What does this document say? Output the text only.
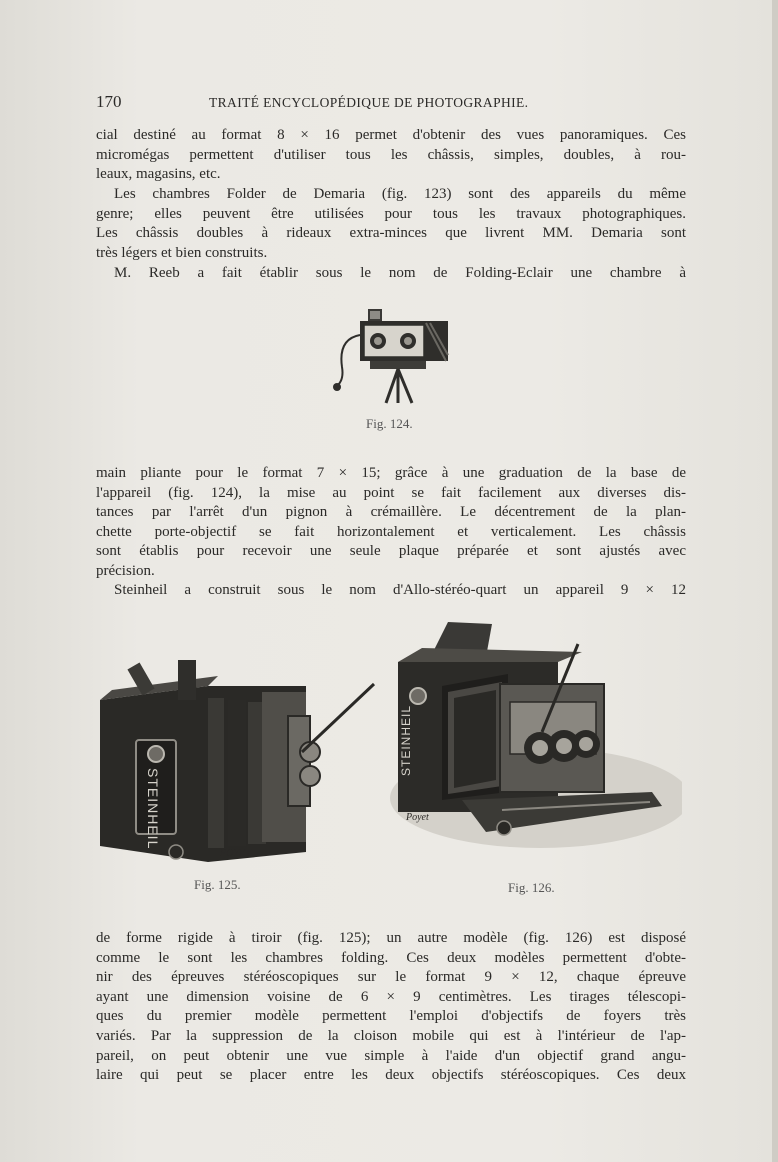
170	TRAITÉ ENCYCLOPÉDIQUE DE PHOTOGRAPHIE.

cial destiné au format 8 × 16 permet d'obtenir des vues panoramiques. Ces
micromégas permettent d'utiliser tous les châssis, simples, doubles, à rou-
leaux, magasins, etc.

Les chambres Folder de Demaria (fig. 123) sont des appareils du même
genre; elles peuvent être utilisées pour tous les travaux photographiques.
Les châssis doubles à rideaux extra-minces que livrent MM. Demaria sont
très légers et bien construits.

M. Reeb a fait établir sous le nom de Folding-Eclair une chambre à

Fig. 124.

main pliante pour le format 7 × 15; grâce à une graduation de la base de
l'appareil (fig. 124), la mise au point se fait facilement aux diverses dis-
tances par l'arrêt d'un pignon à crémaillère. Le décentrement de la plan-
chette porte-objectif se fait horizontalement et verticalement. Les châssis
sont établis pour recevoir une seule plaque préparée et sont ajustés avec
précision.

Steinheil a construit sous le nom d'Allo-stéréo-quart un appareil 9 × 12

STEINHEIL
POYET
Fig. 125.
STEINHEIL
Poyet
Fig. 126.

de forme rigide à tiroir (fig. 125); un autre modèle (fig. 126) est disposé
comme le sont les chambres folding. Ces deux modèles permettent d'obte-
nir des épreuves stéréoscopiques sur le format 9 × 12, chaque épreuve
ayant une dimension voisine de 6 × 9 centimètres. Les tirages télescopi-
ques du premier modèle permettent l'emploi d'objectifs de foyers très
variés. Par la suppression de la cloison mobile qui est à l'intérieur de l'ap-
pareil, on peut obtenir une vue simple à l'aide d'un objectif grand angu-
laire qui peut se placer entre les deux objectifs stéréoscopiques. Ces deux
